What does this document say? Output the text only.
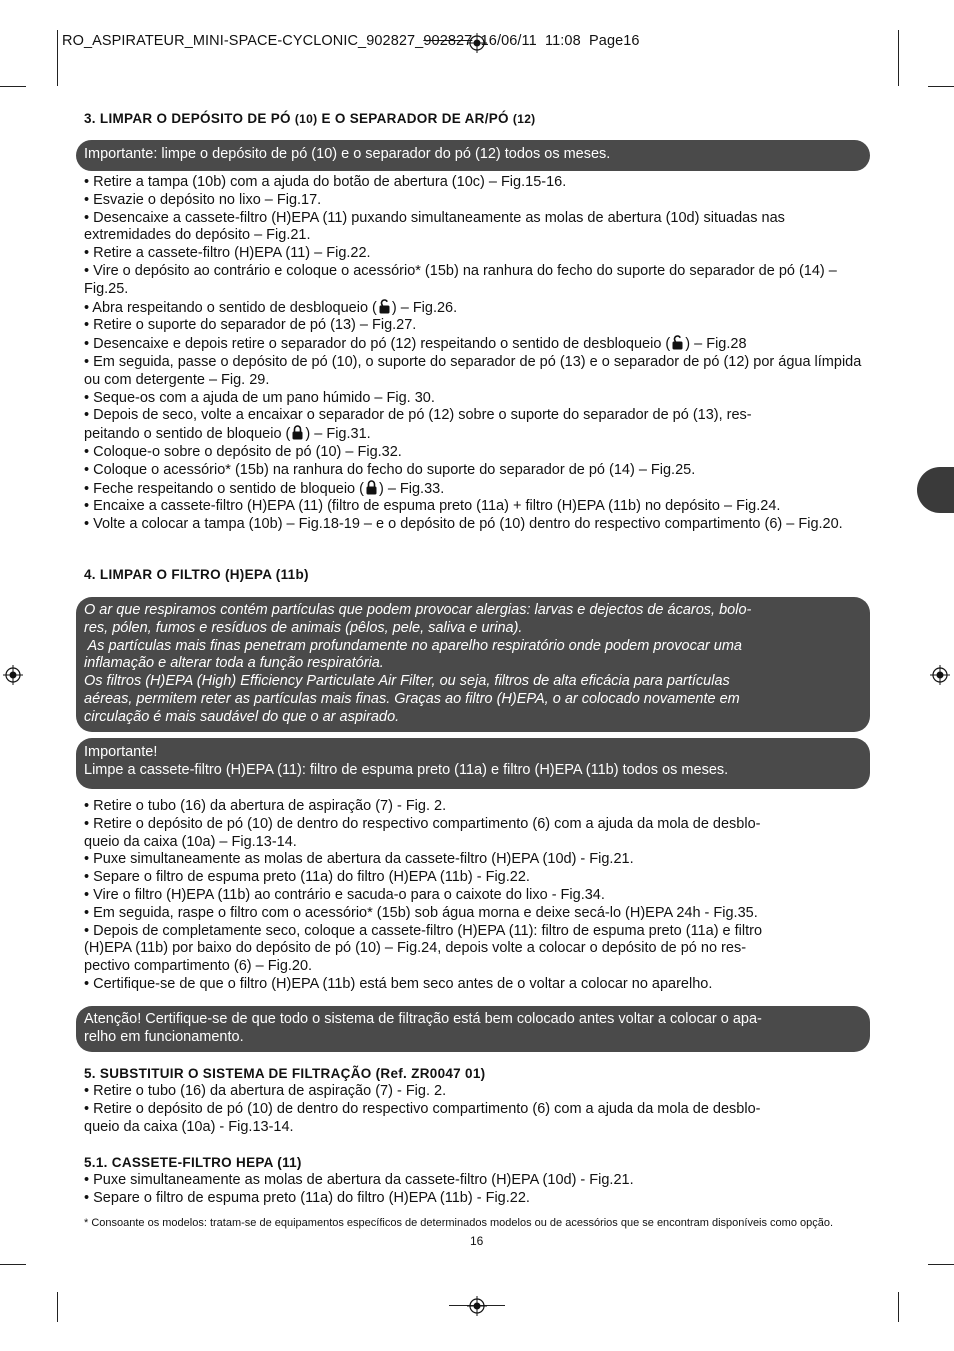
RO_ASPIRATEUR_MINI-SPACE-CYCLONIC_902827_902827  16/06/11  11:08  Page16
3. LIMPAR O DEPÓSITO DE PÓ (10) E O SEPARADOR DE AR/PÓ (12)
Importante: limpe o depósito de pó (10) e o separador do pó (12) todos os meses.

• Retire a tampa (10b) com a ajuda do botão de abertura (10c) – Fig.15-16.

• Esvazie o depósito no lixo – Fig.17.

• Desencaixe a cassete-filtro (H)EPA (11) puxando simultaneamente as molas de abertura (10d) situadas nas extremidades do depósito – Fig.21.

• Retire a cassete-filtro (H)EPA (11) – Fig.22.

• Vire o depósito ao contrário e coloque o acessório* (15b) na ranhura do fecho do suporte do separador de pó (14) – Fig.25.

• Abra respeitando o sentido de desbloqueio ( ) – Fig.26.

• Retire o suporte do separador de pó (13) – Fig.27.

• Desencaixe e depois retire o separador do pó (12) respeitando o sentido de desbloqueio ( ) – Fig.28

• Em seguida, passe o depósito de pó (10), o suporte do separador de pó (13) e o separador de pó (12) por água límpida ou com detergente – Fig. 29.

• Seque-os com a ajuda de um pano húmido – Fig. 30.

• Depois de seco, volte a encaixar o separador de pó (12) sobre o suporte do separador de pó (13), res-
peitando o sentido de bloqueio ( ) – Fig.31.

• Coloque-o sobre o depósito de pó (10) – Fig.32.

• Coloque o acessório* (15b) na ranhura do fecho do suporte do separador de pó (14) – Fig.25.

• Feche respeitando o sentido de bloqueio ( ) – Fig.33.

• Encaixe a cassete-filtro (H)EPA (11) (filtro de espuma preto (11a) + filtro (H)EPA (11b) no depósito – Fig.24.

• Volte a colocar a tampa (10b) – Fig.18-19 – e o depósito de pó (10) dentro do respectivo compartimento (6) – Fig.20.

4. LIMPAR O FILTRO (H)EPA (11b)
O ar que respiramos contém partículas que podem provocar alergias: larvas e dejectos de ácaros, bolo-
res, pólen, fumos e resíduos de animais (pêlos, pele, saliva e urina).
As partículas mais finas penetram profundamente no aparelho respiratório onde podem provocar uma
inflamação e alterar toda a função respiratória.
Os filtros (H)EPA (High) Efficiency Particulate Air Filter, ou seja, filtros de alta eficácia para partículas
aéreas, permitem reter as partículas mais finas. Graças ao filtro (H)EPA, o ar colocado novamente em
circulação é mais saudável do que o ar aspirado.
Importante!
Limpe a cassete-filtro (H)EPA (11): filtro de espuma preto (11a) e filtro (H)EPA (11b) todos os meses.

• Retire o tubo (16) da abertura de aspiração (7) - Fig. 2.

• Retire o depósito de pó (10) de dentro do respectivo compartimento (6) com a ajuda da mola de desblo-

queio da caixa (10a) – Fig.13-14.

• Puxe simultaneamente as molas de abertura da cassete-filtro (H)EPA (10d) - Fig.21.

• Separe o filtro de espuma preto (11a) do filtro (H)EPA (11b) - Fig.22.

• Vire o filtro (H)EPA (11b) ao contrário e sacuda-o para o caixote do lixo - Fig.34.

• Em seguida, raspe o filtro com o acessório* (15b) sob água morna e deixe secá-lo (H)EPA 24h - Fig.35.

• Depois de completamente seco, coloque a cassete-filtro (H)EPA (11): filtro de espuma preto (11a) e filtro

(H)EPA (11b) por baixo do depósito de pó (10) – Fig.24, depois volte a colocar o depósito de pó no res-

pectivo compartimento (6) – Fig.20.

• Certifique-se de que o filtro (H)EPA (11b) está bem seco antes de o voltar a colocar no aparelho.

Atenção! Certifique-se de que todo o sistema de filtração está bem colocado antes voltar a colocar o apa-
relho em funcionamento.
5. SUBSTITUIR O SISTEMA DE FILTRAÇÃO (Ref. ZR0047 01)

• Retire o tubo (16) da abertura de aspiração (7) - Fig. 2.

• Retire o depósito de pó (10) de dentro do respectivo compartimento (6) com a ajuda da mola de desblo-

queio da caixa (10a) - Fig.13-14.

5.1. CASSETE-FILTRO HEPA (11)

• Puxe simultaneamente as molas de abertura da cassete-filtro (H)EPA (10d) - Fig.21.

• Separe o filtro de espuma preto (11a) do filtro (H)EPA (11b) - Fig.22.

* Consoante os modelos: tratam-se de equipamentos específicos de determinados modelos ou de acessórios que se encontram disponíveis como opção.
16
